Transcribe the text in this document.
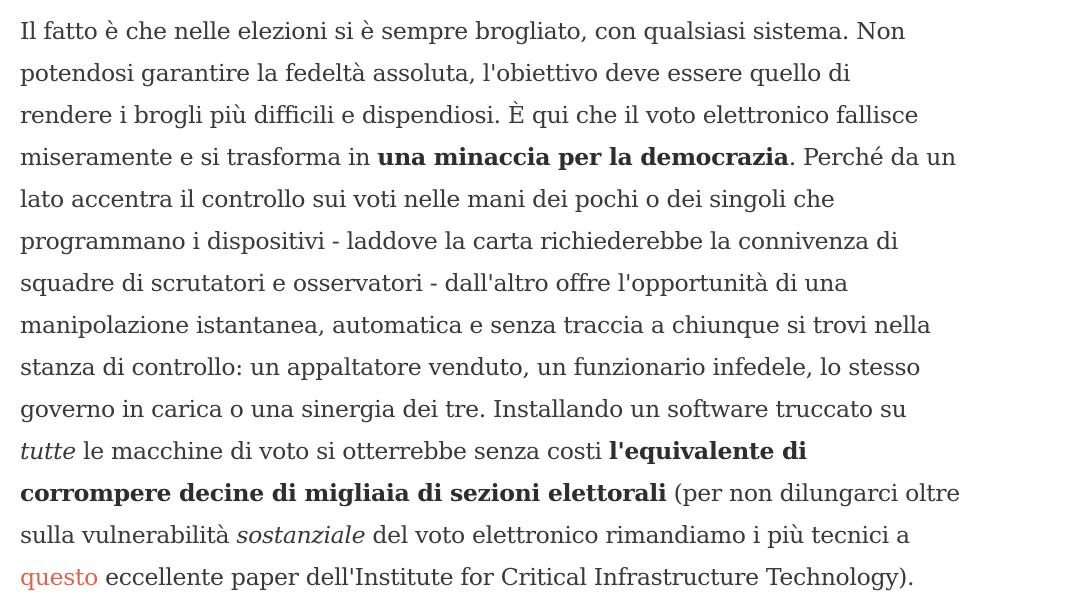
Il fatto è che nelle elezioni si è sempre brogliato, con qualsiasi sistema. Non
potendosi garantire la fedeltà assoluta, l'obiettivo deve essere quello di
rendere i brogli più difficili e dispendiosi. È qui che il voto elettronico fallisce
miseramente e si trasforma in una minaccia per la democrazia. Perché da un
lato accentra il controllo sui voti nelle mani dei pochi o dei singoli che
programmano i dispositivi - laddove la carta richiederebbe la connivenza di
squadre di scrutatori e osservatori - dall'altro offre l'opportunità di una
manipolazione istantanea, automatica e senza traccia a chiunque si trovi nella
stanza di controllo: un appaltatore venduto, un funzionario infedele, lo stesso
governo in carica o una sinergia dei tre. Installando un software truccato su
tutte le macchine di voto si otterrebbe senza costi l'equivalente di
corrompere decine di migliaia di sezioni elettorali (per non dilungarci oltre
sulla vulnerabilità sostanziale del voto elettronico rimandiamo i più tecnici a
questo eccellente paper dell'Institute for Critical Infrastructure Technology).
